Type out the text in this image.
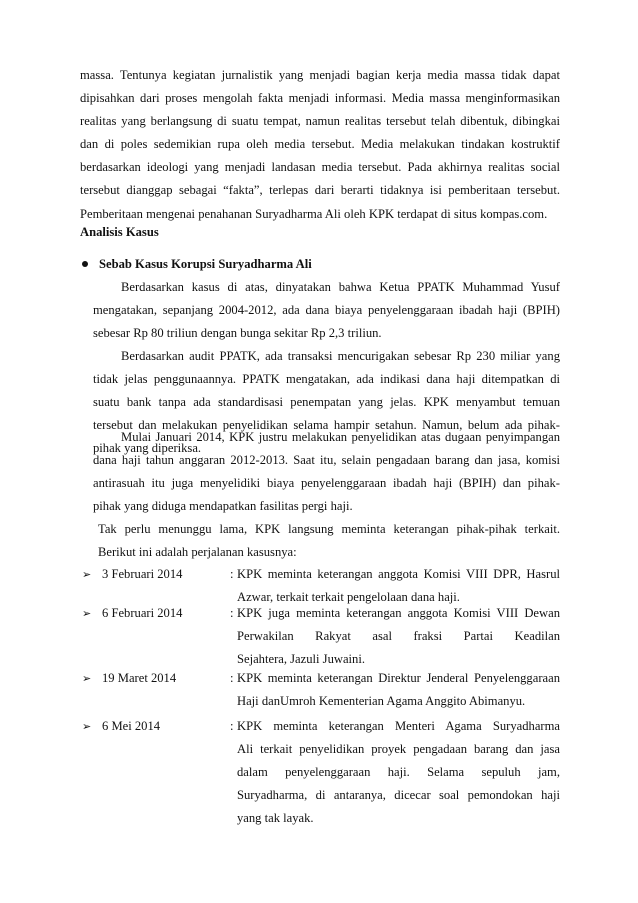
massa. Tentunya kegiatan jurnalistik yang menjadi bagian kerja media massa tidak dapat

dipisahkan dari proses mengolah fakta menjadi informasi. Media massa menginformasikan

realitas yang berlangsung di suatu tempat, namun realitas tersebut telah dibentuk, dibingkai

dan di poles sedemikian rupa oleh media tersebut. Media melakukan tindakan kostruktif

berdasarkan ideologi yang menjadi landasan media tersebut. Pada akhirnya realitas social

tersebut dianggap sebagai “fakta”, terlepas dari berarti tidaknya isi pemberitaan tersebut.

Pemberitaan mengenai penahanan Suryadharma Ali oleh KPK terdapat di situs kompas.com.

Analisis Kasus

Sebab Kasus Korupsi Suryadharma Ali

Berdasarkan kasus di atas, dinyatakan bahwa Ketua PPATK Muhammad Yusuf

mengatakan, sepanjang 2004-2012, ada dana biaya penyelenggaraan ibadah haji (BPIH)

sebesar Rp 80 triliun dengan bunga sekitar Rp 2,3 triliun.

Berdasarkan audit PPATK, ada transaksi mencurigakan sebesar Rp 230 miliar yang

tidak jelas penggunaannya. PPATK mengatakan, ada indikasi dana haji ditempatkan di

suatu bank tanpa ada standardisasi penempatan yang jelas. KPK menyambut temuan

tersebut dan melakukan penyelidikan selama hampir setahun. Namun, belum ada pihak-

pihak yang diperiksa.

Mulai Januari 2014, KPK justru melakukan penyelidikan atas dugaan penyimpangan

dana haji tahun anggaran 2012-2013. Saat itu, selain pengadaan barang dan jasa, komisi

antirasuah itu juga menyelidiki biaya penyelenggaraan ibadah haji (BPIH) dan pihak-

pihak yang diduga mendapatkan fasilitas pergi haji.

Tak perlu menunggu lama, KPK langsung meminta keterangan pihak-pihak terkait.

Berikut ini adalah perjalanan kasusnya:

➢ 3 Februari 2014	: KPK meminta keterangan anggota Komisi VIII DPR, Hasrul

Azwar, terkait terkait pengelolaan dana haji.

➢ 6 Februari 2014	: KPK juga meminta keterangan anggota Komisi VIII Dewan

Perwakilan Rakyat asal fraksi Partai Keadilan

Sejahtera, Jazuli Juwaini.

➢ 19 Maret 2014	: KPK meminta keterangan Direktur Jenderal Penyelenggaraan

Haji danUmroh Kementerian Agama Anggito Abimanyu.

➢ 6 Mei 2014	: KPK meminta keterangan Menteri Agama Suryadharma

Ali terkait penyelidikan proyek pengadaan barang dan jasa

dalam penyelenggaraan haji. Selama sepuluh jam,

Suryadharma, di antaranya, dicecar soal pemondokan haji

yang tak layak.
